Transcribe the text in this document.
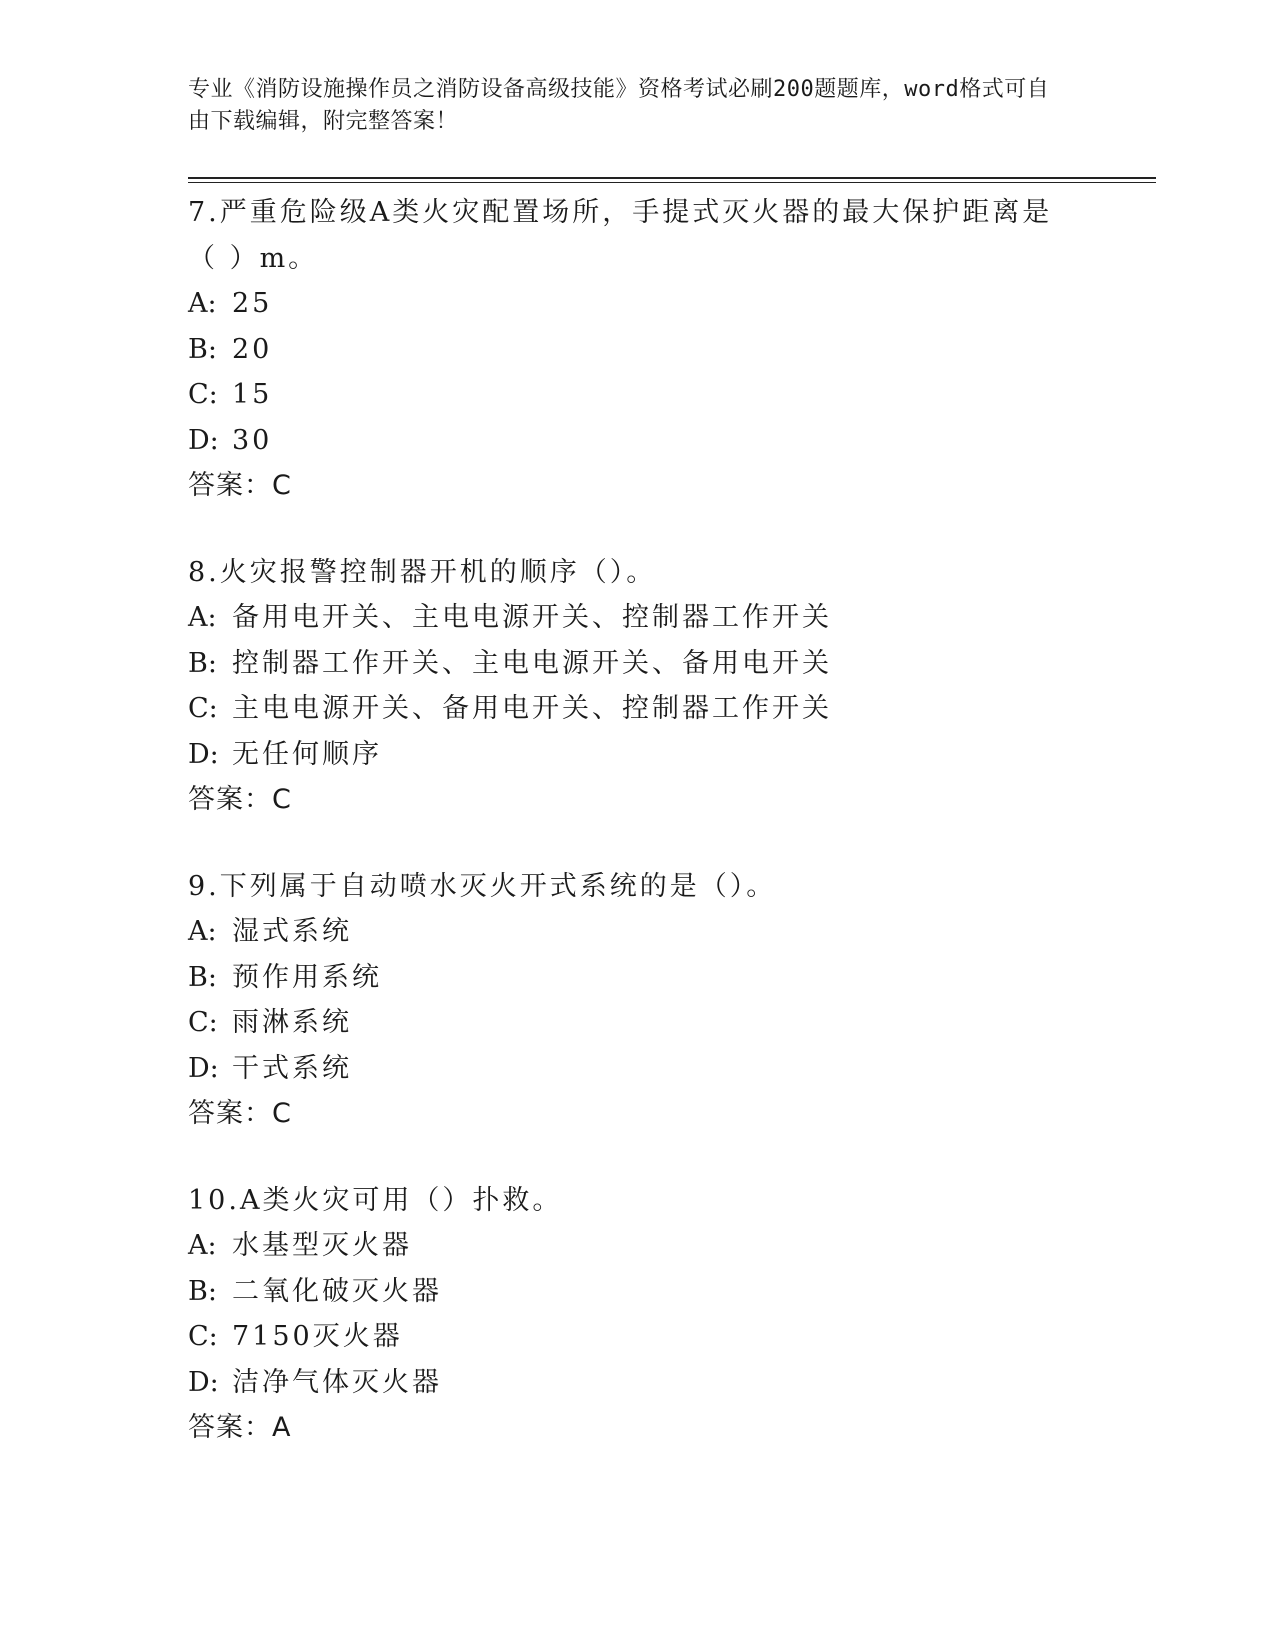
专业《消防设施操作员之消防设备高级技能》资格考试必刷200题题库，word格式可自由下载编辑，附完整答案！
7.严重危险级A类火灾配置场所，手提式灭火器的最大保护距离是（ ）m。
A: 25
B: 20
C: 15
D: 30
答案：C
8.火灾报警控制器开机的顺序（）。
A: 备用电开关、主电电源开关、控制器工作开关
B: 控制器工作开关、主电电源开关、备用电开关
C: 主电电源开关、备用电开关、控制器工作开关
D: 无任何顺序
答案：C
9.下列属于自动喷水灭火开式系统的是（）。
A: 湿式系统
B: 预作用系统
C: 雨淋系统
D: 干式系统
答案：C
10.A类火灾可用（）扑救。
A: 水基型灭火器
B: 二氧化破灭火器
C: 7150灭火器
D: 洁净气体灭火器
答案：A
